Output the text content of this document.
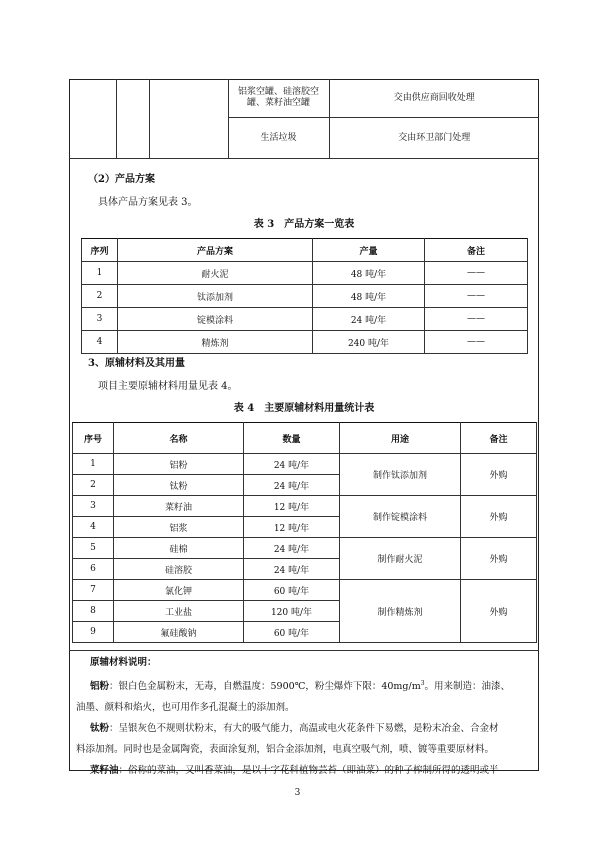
			铝浆空罐、硅溶胶空罐、菜籽油空罐	交由供应商回收处理
			生活垃圾	交由环卫部门处理
（2）产品方案
具体产品方案见表 3。
表 3　产品方案一览表
序列	产品方案	产量	备注
1	耐火泥	48 吨/年	——
2	钛添加剂	48 吨/年	——
3	锭模涂料	24 吨/年	——
4	精炼剂	240 吨/年	——
3、原辅材料及其用量
项目主要原辅材料用量见表 4。
表 4　主要原辅材料用量统计表
序号	名称	数量	用途	备注
1	铝粉	24 吨/年	制作钛添加剂	外购
2	钛粉	24 吨/年		
3	菜籽油	12 吨/年	制作锭模涂料	外购
4	铝浆	12 吨/年		
5	硅棉	24 吨/年	制作耐火泥	外购
6	硅溶胶	24 吨/年		
7	氯化钾	60 吨/年	制作精炼剂	外购
8	工业盐	120 吨/年		
9	氟硅酸钠	60 吨/年		
原辅材料说明：
铝粉：银白色金属粉末，无毒，自燃温度：5900℃，粉尘爆炸下限：$40mg/m^3$。用来制造：油漆、
油墨、颜料和焰火，也可用作多孔混凝土的添加剂。
钛粉：呈银灰色不规则状粉末，有大的吸气能力，高温或电火花条件下易燃，是粉末冶金、合金材
料添加剂。同时也是金属陶瓷，表面涂复剂，铝合金添加剂，电真空吸气剂，喷、镀等重要原材料。
菜籽油：俗称的菜油，又叫香菜油，是以十字花科植物芸苔（即油菜）的种子榨制所得的透明或半
3
